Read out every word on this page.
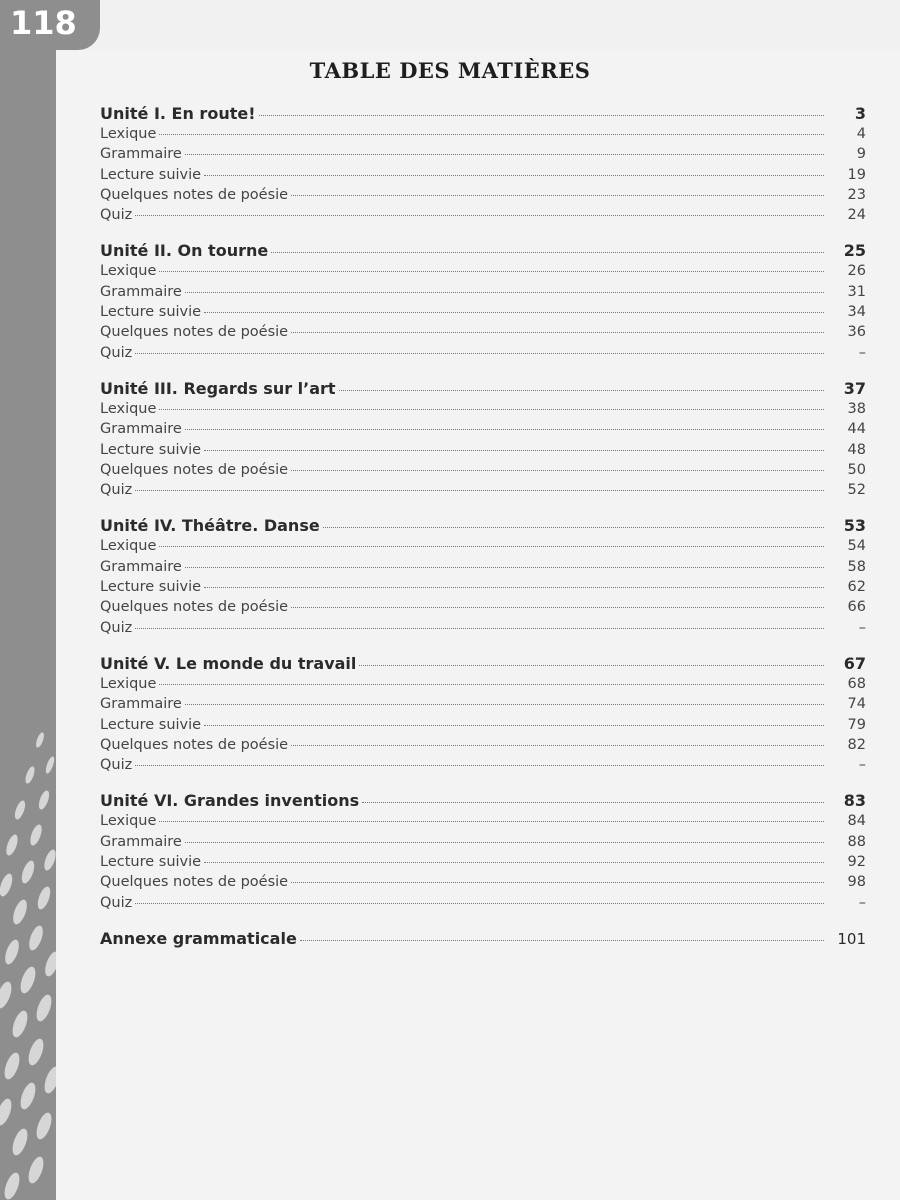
118
TABLE DES MATIÈRES
Unité I. En route!	3
Lexique	4
Grammaire	9
Lecture suivie	19
Quelques notes de poésie	23
Quiz	24
Unité II. On tourne	25
Lexique	26
Grammaire	31
Lecture suivie	34
Quelques notes de poésie	36
Quiz	–
Unité III. Regards sur l’art	37
Lexique	38
Grammaire	44
Lecture suivie	48
Quelques notes de poésie	50
Quiz	52
Unité IV. Théâtre. Danse	53
Lexique	54
Grammaire	58
Lecture suivie	62
Quelques notes de poésie	66
Quiz	–
Unité V. Le monde du travail	67
Lexique	68
Grammaire	74
Lecture suivie	79
Quelques notes de poésie	82
Quiz	–
Unité VI. Grandes inventions	83
Lexique	84
Grammaire	88
Lecture suivie	92
Quelques notes de poésie	98
Quiz	–
Annexe grammaticale	101
